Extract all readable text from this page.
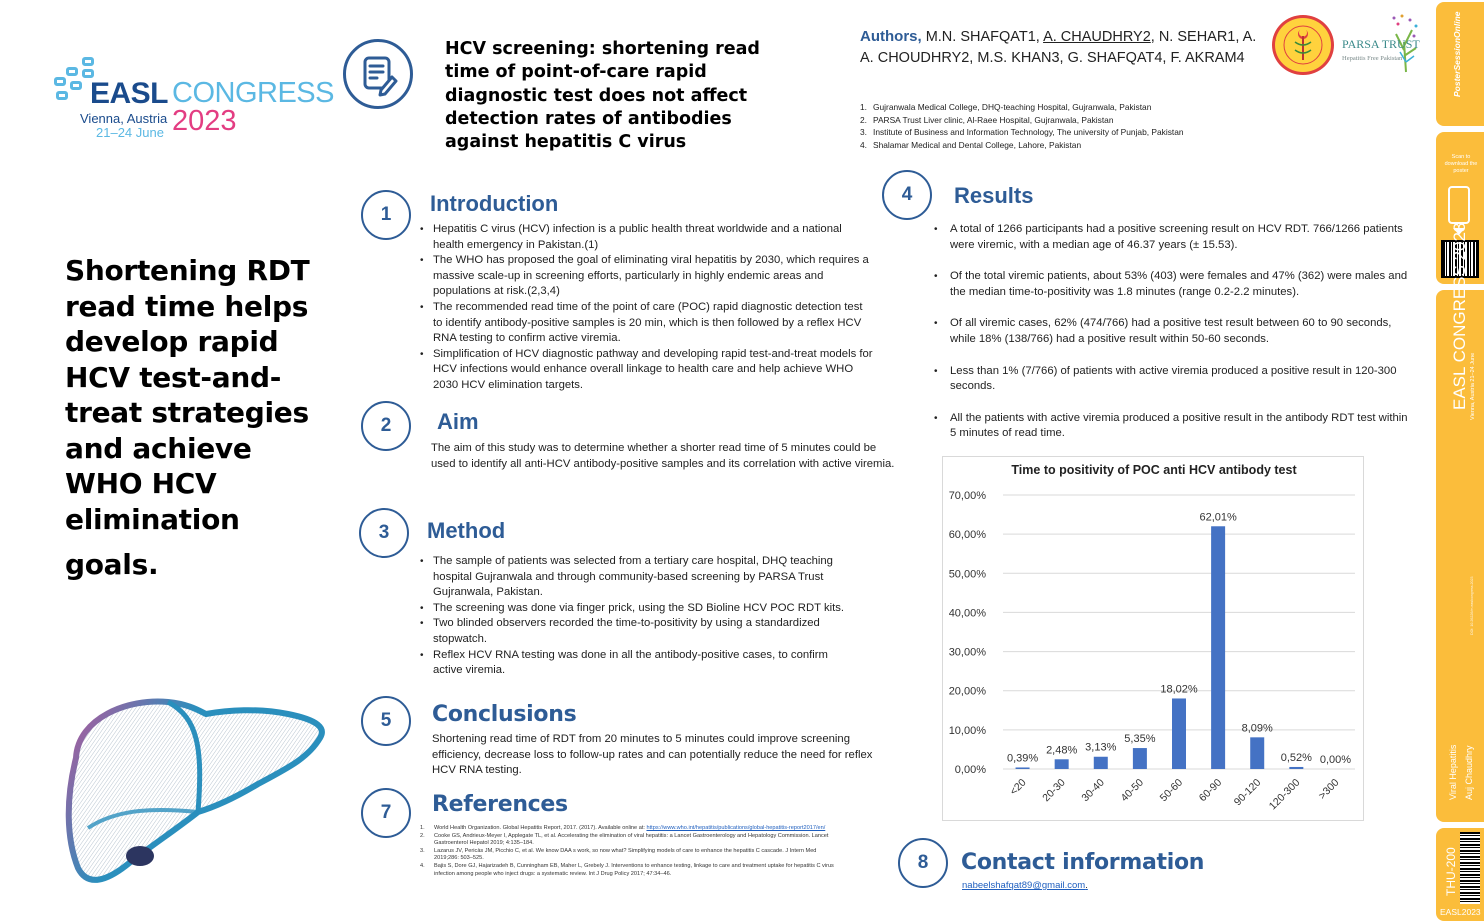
EASL CONGRESS
Vienna, Austria
21–24 June 2023
HCV screening: shortening read time of point-of-care rapid diagnostic test does not affect detection rates of antibodies against hepatitis C virus
Authors, M.N. SHAFQAT1, A. CHAUDHRY2, N. SEHAR1, A. A. CHOUDHRY2, M.S. KHAN3, G. SHAFQAT4, F. AKRAM4
1. Gujranwala Medical College, DHQ-teaching Hospital, Gujranwala, Pakistan
2. PARSA Trust Liver clinic, Al-Raee Hospital, Gujranwala, Pakistan
3. Institute of Business and Information Technology, The university of Punjab, Pakistan
4. Shalamar Medical and Dental College, Lahore, Pakistan
PARSA TRUST
Hepatitis Free Pakistan
Shortening RDT read time helps develop rapid HCV test-and-treat strategies and achieve WHO HCV elimination
goals.
1	Introduction
• Hepatitis C virus (HCV) infection is a public health threat worldwide and a national health emergency in Pakistan.(1)
• The WHO has proposed the goal of eliminating viral hepatitis by 2030, which requires a massive scale-up in screening efforts, particularly in highly endemic areas and populations at risk.(2,3,4)
• The recommended read time of the point of care (POC) rapid diagnostic detection test to identify antibody-positive samples is 20 min, which is then followed by a reflex HCV RNA testing to confirm active viremia.
• Simplification of HCV diagnostic pathway and developing rapid test-and-treat models for HCV infections would enhance overall linkage to health care and help achieve WHO 2030 HCV elimination targets.
2	Aim
The aim of this study was to determine whether a shorter read time of 5 minutes could be used to identify all anti-HCV antibody-positive samples and its correlation with active viremia.
3	Method
• The sample of patients was selected from a tertiary care hospital, DHQ teaching hospital Gujranwala and through community-based screening by PARSA Trust Gujranwala, Pakistan.
• The screening was done via finger prick, using the SD Bioline HCV POC RDT kits.
• Two blinded observers recorded the time-to-positivity by using a standardized stopwatch.
• Reflex HCV RNA testing was done in all the antibody-positive cases, to confirm active viremia.
5	Conclusions
Shortening read time of RDT from 20 minutes to 5 minutes could improve screening efficiency, decrease loss to follow-up rates and can potentially reduce the need for reflex HCV RNA testing.
7	References
1. World Health Organization. Global Hepatitis Report, 2017. (2017). Available online at: https://www.who.int/hepatitis/publications/global-hepatitis-report2017/en/
2. Cooke GS, Andrieux-Meyer I, Applegate TL, et al. Accelerating the elimination of viral hepatitis: a Lancet Gastroenterology and Hepatology Commission. Lancet Gastroenterol Hepatol 2019; 4:135–184.
3. Lazarus JV, Pericàs JM, Picchio C, et al. We know DAA s work, so now what? Simplifying models of care to enhance the hepatitis C cascade. J Intern Med 2019;286: 503–525.
4. Bajis S, Dore GJ, Hajarizadeh B, Cunningham EB, Maher L, Grebely J. Interventions to enhance testing, linkage to care and treatment uptake for hepatitis C virus infection among people who inject drugs: a systematic review. Int J Drug Policy 2017; 47:34–46.
4	Results
• A total of 1266 participants had a positive screening result on HCV RDT. 766/1266 patients were viremic, with a median age of 46.37 years (± 15.53).
• Of the total viremic patients, about 53% (403) were females and 47% (362) were males and the median time-to-positivity was 1.8 minutes (range 0.2-2.2 minutes).
• Of all viremic cases, 62% (474/766) had a positive test result between 60 to 90 seconds, while 18% (138/766) had a positive result within 50-60 seconds.
• Less than 1% (7/766) of patients with active viremia produced a positive result in 120-300 seconds.
• All the patients with active viremia produced a positive result in the antibody RDT test within 5 minutes of read time.
Time to positivity of POC anti HCV antibody test
0,39%
2,48% 3,13%
5,35%
18,02%
62,01%
8,09%
0,52% 0,00%
<20 20-30 30-40 40-50 50-60 60-90 90-120 120-300 >300
0,00%
10,00%
20,00%
30,00%
40,00%
50,00%
60,00%
70,00%
8	Contact information
nabeelshafqat89@gmail.com.
PosterSessionOnline
Scan to download the poster
EASL CONGRESS 2023 Vienna, Austria 21–24 June
DOI: 10.26226/m.easlcongress.2023
Viral Hepatitis Auj Chaudhry
THU-200
EASL2023
